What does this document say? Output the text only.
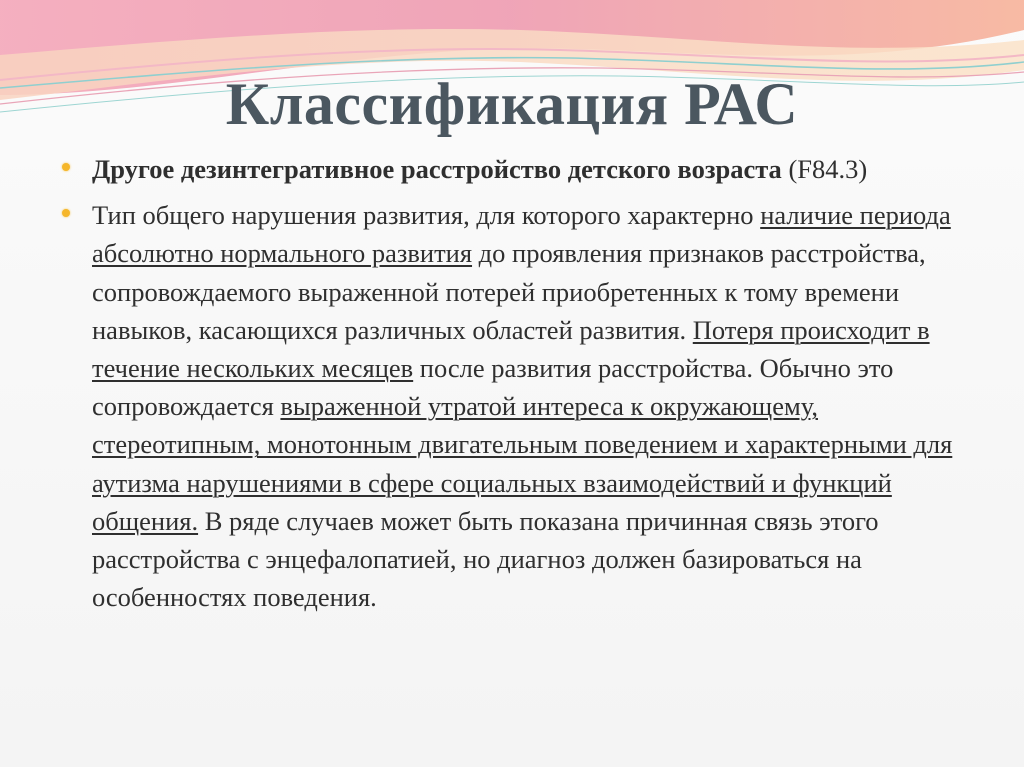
Классификация РАС
Другое дезинтегративное расстройство детского возраста (F84.3)
Тип общего нарушения развития, для которого характерно наличие периода абсолютно нормального развития до проявления признаков расстройства, сопровождаемого выраженной потерей приобретенных к тому времени навыков, касающихся различных областей развития. Потеря происходит в течение нескольких месяцев после развития расстройства. Обычно это сопровождается выраженной утратой интереса к окружающему, стереотипным, монотонным двигательным поведением и характерными для аутизма нарушениями в сфере социальных взаимодействий и функций общения. В ряде случаев может быть показана причинная связь этого расстройства с энцефалопатией, но диагноз должен базироваться на особенностях поведения.
